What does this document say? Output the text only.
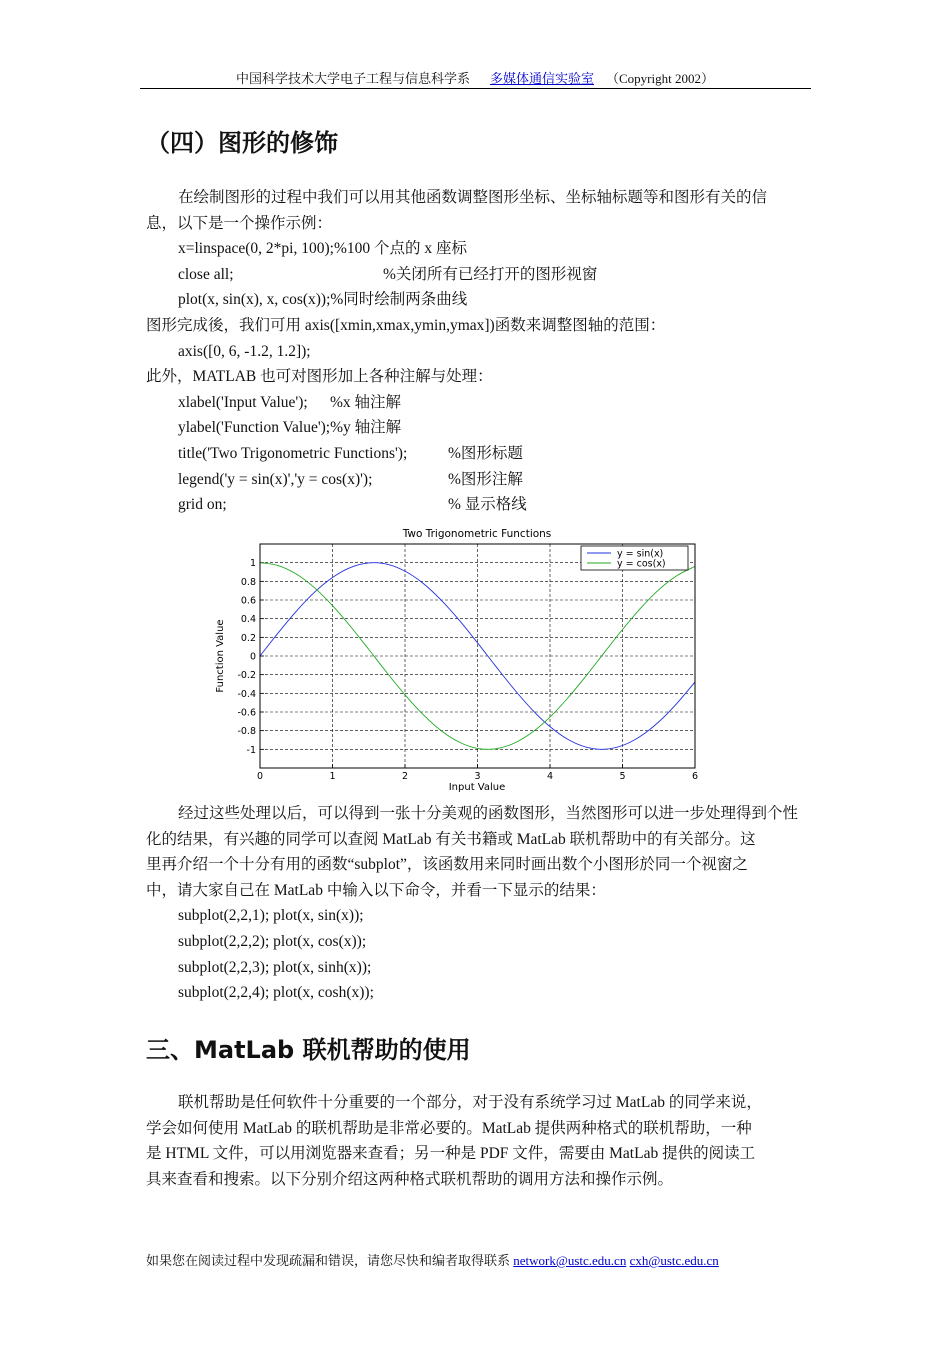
中国科学技术大学电子工程与信息科学系 多媒体通信实验室 （Copyright 2002）
（四）图形的修饰
在绘制图形的过程中我们可以用其他函数调整图形坐标、坐标轴标题等和图形有关的信
息，以下是一个操作示例：
x=linspace(0, 2*pi, 100);%100 个点的 x 座标
close all;	%关闭所有已经打开的图形视窗
plot(x, sin(x), x, cos(x));%同时绘制两条曲线
图形完成後，我们可用 axis([xmin,xmax,ymin,ymax])函数来调整图轴的范围：
axis([0, 6, -1.2, 1.2]);
此外，MATLAB 也可对图形加上各种注解与处理：
xlabel('Input Value'); %x 轴注解
ylabel('Function Value');%y 轴注解
title('Two Trigonometric Functions');	%图形标题
legend('y = sin(x)','y = cos(x)');	%图形注解
grid on;	% 显示格线
Two Trigonometric Functions
Input Value
Function Value
0	1	2	3	4	5	6
-1
-0.8
-0.6
-0.4
-0.2
0
0.2
0.4
0.6
0.8
1
y = sin(x)
y = cos(x)
经过这些处理以后，可以得到一张十分美观的函数图形，当然图形可以进一步处理得到个性
化的结果，有兴趣的同学可以查阅 MatLab 有关书籍或 MatLab 联机帮助中的有关部分。这
里再介绍一个十分有用的函数“subplot”，该函数用来同时画出数个小图形於同一个视窗之
中，请大家自己在 MatLab 中输入以下命令，并看一下显示的结果：
subplot(2,2,1); plot(x, sin(x));
subplot(2,2,2); plot(x, cos(x));
subplot(2,2,3); plot(x, sinh(x));
subplot(2,2,4); plot(x, cosh(x));
三、MatLab 联机帮助的使用
联机帮助是任何软件十分重要的一个部分，对于没有系统学习过 MatLab 的同学来说，
学会如何使用 MatLab 的联机帮助是非常必要的。MatLab 提供两种格式的联机帮助，一种
是 HTML 文件，可以用浏览器来查看；另一种是 PDF 文件，需要由 MatLab 提供的阅读工
具来查看和搜索。以下分别介绍这两种格式联机帮助的调用方法和操作示例。
如果您在阅读过程中发现疏漏和错误，请您尽快和编者取得联系 network@ustc.edu.cn cxh@ustc.edu.cn
